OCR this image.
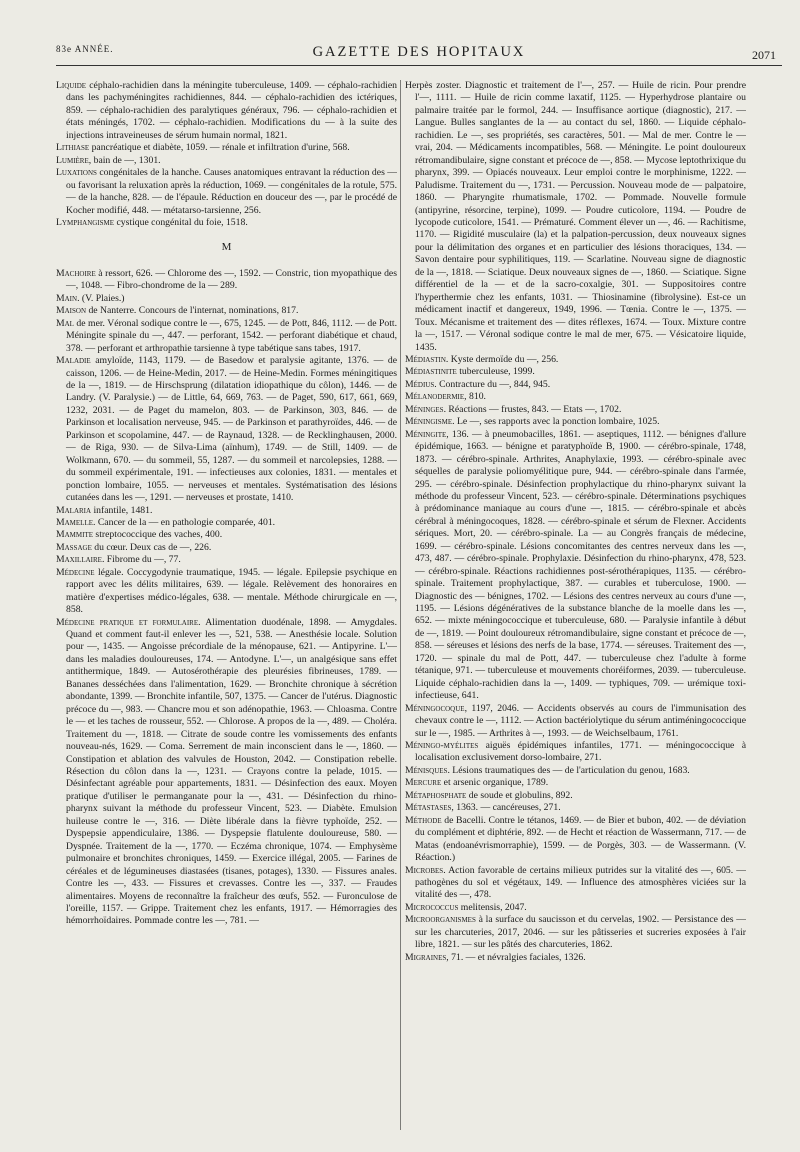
83e ANNÉE.	GAZETTE DES HOPITAUX	2071

Liquide céphalo-rachidien dans la méningite tuberculeuse, 1409. — céphalo-rachidien dans les pachyméningites rachidiennes, 844. — céphalo-rachidien des ictériques, 859. — céphalo-rachidien des paralytiques généraux, 796. — céphalo-rachidien et états méningés, 1702. — céphalo-rachidien. Modifications du — à la suite des injections intraveineuses de sérum humain normal, 1821.

Lithiase pancréatique et diabète, 1059. — rénale et infiltration d'urine, 568.

Lumière, bain de —, 1301.

Luxations congénitales de la hanche. Causes anatomiques entravant la réduction des — ou favorisant la reluxation après la réduction, 1069. — congénitales de la rotule, 575. — de la hanche, 828. — de l'épaule. Réduction en douceur des —, par le procédé de Kocher modifié, 448. — métatarso-tarsienne, 256.

Lymphangisme cystique congénital du foie, 1518.

M

Machoire à ressort, 626. — Chlorome des —, 1592. — Constric, tion myopathique des —, 1048. — Fibro-chondrome de la — 289.

Main. (V. Plaies.)

Maison de Nanterre. Concours de l'internat, nominations, 817.

Mal de mer. Véronal sodique contre le —, 675, 1245. — de Pott, 846, 1112. — de Pott. Méningite spinale du —, 447. — perforant, 1542. — perforant diabétique et chaud, 378. — perforant et arthropathie tarsienne à type tabétique sans tabes, 1917.

Maladie amyloïde, 1143, 1179. — de Basedow et paralysie agitante, 1376. — de caisson, 1206. — de Heine-Medin, 2017. — de Heine-Medin. Formes méningitiques de la —, 1819. — de Hirschsprung (dilatation idiopathique du côlon), 1446. — de Landry. (V. Paralysie.) — de Little, 64, 669, 763. — de Paget, 590, 617, 661, 669, 1232, 2031. — de Paget du mamelon, 803. — de Parkinson, 303, 846. — de Parkinson et localisation nerveuse, 945. — de Parkinson et parathyroïdes, 446. — de Parkinson et scopolamine, 447. — de Raynaud, 1328. — de Recklinghausen, 2000. — de Riga, 930. — de Silva-Lima (aïnhum), 1749. — de Still, 1409. — de Wolkmann, 670. — du sommeil, 55, 1287. — du sommeil et narcolepsies, 1288. — du sommeil expérimentale, 191. — infectieuses aux colonies, 1831. — mentales et ponction lombaire, 1055. — nerveuses et mentales. Systématisation des lésions cutanées dans les —, 1291. — nerveuses et prostate, 1410.

Malaria infantile, 1481.

Mamelle. Cancer de la — en pathologie comparée, 401.

Mammite streptococcique des vaches, 400.

Massage du cœur. Deux cas de —, 226.

Maxillaire. Fibrome du —, 77.

Médecine légale. Coccygodynie traumatique, 1945. — légale. Epilepsie psychique en rapport avec les délits militaires, 639. — légale. Relèvement des honoraires en matière d'expertises médico-légales, 638. — mentale. Méthode chirurgicale en —, 858.

Médecine pratique et formulaire. Alimentation duodénale, 1898. — Amygdales. Quand et comment faut-il enlever les —, 521, 538. — Anesthésie locale. Solution pour —, 1435. — Angoisse précordiale de la ménopause, 621. — Antipyrine. L'— dans les maladies douloureuses, 174. — Antodyne. L'—, un analgésique sans effet antithermique, 1849. — Autosérothérapie des pleurésies fibrineuses, 1789. — Bananes desséchées dans l'alimentation, 1629. — Bronchite chronique à sécrétion abondante, 1399. — Bronchite infantile, 507, 1375. — Cancer de l'utérus. Diagnostic précoce du —, 983. — Chancre mou et son adénopathie, 1963. — Chloasma. Contre le — et les taches de rousseur, 552. — Chlorose. A propos de la —, 489. — Choléra. Traitement du —, 1818. — Citrate de soude contre les vomissements des enfants nouveau-nés, 1629. — Coma. Serrement de main inconscient dans le —, 1860. — Constipation et ablation des valvules de Houston, 2042. — Constipation rebelle. Résection du côlon dans la —, 1231. — Crayons contre la pelade, 1015. — Désinfectant agréable pour appartements, 1831. — Désinfection des eaux. Moyen pratique d'utiliser le permanganate pour la —, 431. — Désinfection du rhino-pharynx suivant la méthode du professeur Vincent, 523. — Diabète. Emulsion huileuse contre le —, 316. — Diète libérale dans la fièvre typhoïde, 252. — Dyspepsie appendiculaire, 1386. — Dyspepsie flatulente douloureuse, 580. — Dyspnée. Traitement de la —, 1770. — Eczéma chronique, 1074. — Emphysème pulmonaire et bronchites chroniques, 1459. — Exercice illégal, 2005. — Farines de céréales et de légumineuses diastasées (tisanes, potages), 1330. — Fissures anales. Contre les —, 433. — Fissures et crevasses. Contre les —, 337. — Fraudes alimentaires. Moyens de reconnaître la fraîcheur des œufs, 552. — Furonculose de l'oreille, 1157. — Grippe. Traitement chez les enfants, 1917. — Hémorragies des hémorrhoïdaires. Pommade contre les —, 781. —

Herpès zoster. Diagnostic et traitement de l'—, 257. — Huile de ricin. Pour prendre l'—, 1111. — Huile de ricin comme laxatif, 1125. — Hyperhydrose plantaire ou palmaire traitée par le formol, 244. — Insuffisance aortique (diagnostic), 217. — Langue. Bulles sanglantes de la — au contact du sel, 1860. — Liquide céphalo-rachidien. Le —, ses propriétés, ses caractères, 501. — Mal de mer. Contre le — vrai, 204. — Médicaments incompatibles, 568. — Méningite. Le point douloureux rétromandibulaire, signe constant et précoce de —, 858. — Mycose leptothrixique du pharynx, 399. — Opiacés nouveaux. Leur emploi contre le morphinisme, 1222. — Paludisme. Traitement du —, 1731. — Percussion. Nouveau mode de — palpatoire, 1860. — Pharyngite rhumatismale, 1702. — Pommade. Nouvelle formule (antipyrine, résorcine, terpine), 1099. — Poudre cuticolore, 1194. — Poudre de lycopode cuticolore, 1541. — Prématuré. Comment élever un —, 46. — Rachitisme, 1170. — Rigidité musculaire (la) et la palpation-percussion, deux nouveaux signes pour la délimitation des organes et en particulier des lésions thoraciques, 134. — Savon dentaire pour syphilitiques, 119. — Scarlatine. Nouveau signe de diagnostic de la —, 1818. — Sciatique. Deux nouveaux signes de —, 1860. — Sciatique. Signe différentiel de la — et de la sacro-coxalgie, 301. — Suppositoires contre l'hyperthermie chez les enfants, 1031. — Thiosinamine (fibrolysine). Est-ce un médicament inactif et dangereux, 1949, 1996. — Tœnia. Contre le —, 1375. — Toux. Mécanisme et traitement des — dites réflexes, 1674. — Toux. Mixture contre la —, 1517. — Véronal sodique contre le mal de mer, 675. — Vésicatoire liquide, 1435.

Médiastin. Kyste dermoïde du —, 256.

Médiastinite tuberculeuse, 1999.

Médius. Contracture du —, 844, 945.

Mélanodermie, 810.

Méninges. Réactions — frustes, 843. — Etats —, 1702.

Méningisme. Le —, ses rapports avec la ponction lombaire, 1025.

Méningite, 136. — à pneumobacilles, 1861. — aseptiques, 1112. — bénignes d'allure épidémique, 1663. — bénigne et paratyphoïde B, 1900. — cérébro-spinale, 1748, 1873. — cérébro-spinale. Arthrites, Anaphylaxie, 1993. — cérébro-spinale avec séquelles de paralysie poliomyélitique pure, 944. — cérébro-spinale dans l'armée, 295. — cérébro-spinale. Désinfection prophylactique du rhino-pharynx suivant la méthode du professeur Vincent, 523. — cérébro-spinale. Déterminations psychiques à prédominance maniaque au cours d'une —, 1815. — cérébro-spinale et abcès cérébral à méningocoques, 1828. — cérébro-spinale et sérum de Flexner. Accidents sériques. Mort, 20. — cérébro-spinale. La — au Congrès français de médecine, 1699. — cérébro-spinale. Lésions concomitantes des centres nerveux dans les —, 473, 487. — cérébro-spinale. Prophylaxie. Désinfection du rhino-pharynx, 478, 523. — cérébro-spinale. Réactions rachidiennes post-sérothérapiques, 1135. — cérébro-spinale. Traitement prophylactique, 387. — curables et tuberculose, 1900. — Diagnostic des — bénignes, 1702. — Lésions des centres nerveux au cours d'une —, 1195. — Lésions dégénératives de la substance blanche de la moelle dans les —, 652. — mixte méningococcique et tuberculeuse, 680. — Paralysie infantile à début de —, 1819. — Point douloureux rétromandibulaire, signe constant et précoce de —, 858. — séreuses et lésions des nerfs de la base, 1774. — séreuses. Traitement des —, 1720. — spinale du mal de Pott, 447. — tuberculeuse chez l'adulte à forme tétanique, 971. — tuberculeuse et mouvements choréiformes, 2039. — tuberculeuse. Liquide céphalo-rachidien dans la —, 1409. — typhiques, 709. — urémique toxi-infectieuse, 641.

Méningocoque, 1197, 2046. — Accidents observés au cours de l'immunisation des chevaux contre le —, 1112. — Action bactériolytique du sérum antiméningococcique sur le —, 1985. — Arthrites à —, 1993. — de Weichselbaum, 1761.

Méningo-myélites aiguës épidémiques infantiles, 1771. — méningococcique à localisation exclusivement dorso-lombaire, 271.

Ménisques. Lésions traumatiques des — de l'articulation du genou, 1683.

Mercure et arsenic organique, 1789.

Métaphosphate de soude et globulins, 892.

Métastases, 1363. — cancéreuses, 271.

Méthode de Bacelli. Contre le tétanos, 1469. — de Bier et bubon, 402. — de déviation du complément et diphtérie, 892. — de Hecht et réaction de Wassermann, 717. — de Matas (endoanévrismorraphie), 1599. — de Porgès, 303. — de Wassermann. (V. Réaction.)

Microbes. Action favorable de certains milieux putrides sur la vitalité des —, 605. — pathogènes du sol et végétaux, 149. — Influence des atmosphères viciées sur la vitalité des —, 478.

Micrococcus melitensis, 2047.

Microorganismes à la surface du saucisson et du cervelas, 1902. — Persistance des — sur les charcuteries, 2017, 2046. — sur les pâtisseries et sucreries exposées à l'air libre, 1821. — sur les pâtés des charcuteries, 1862.

Migraines, 71. — et névralgies faciales, 1326.
